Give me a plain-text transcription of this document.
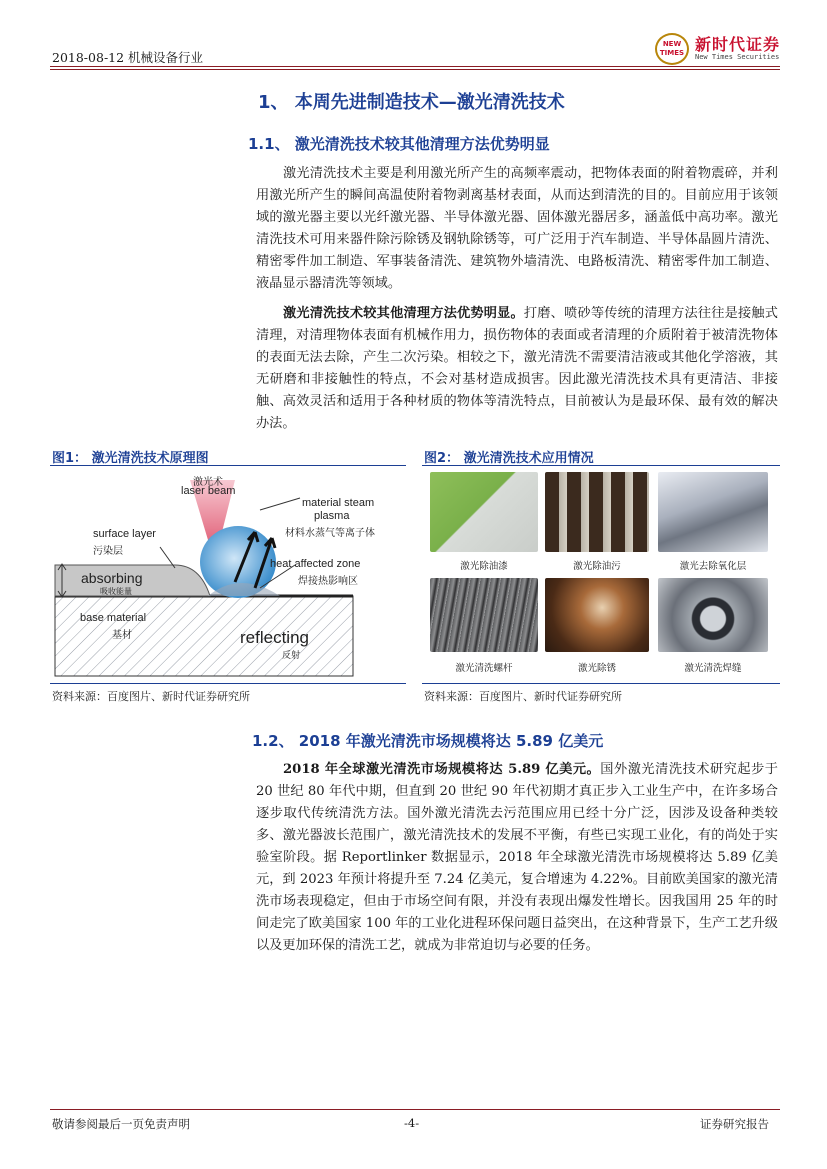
2018-08-12 机械设备行业
NEW TIMES 新时代证券
New Times Securities
1、 本周先进制造技术—激光清洗技术
1.1、 激光清洗技术较其他清理方法优势明显
激光清洗技术主要是利用激光所产生的高频率震动，把物体表面的附着物震碎，并利用激光所产生的瞬间高温使附着物剥离基材表面，从而达到清洗的目的。目前应用于该领域的激光器主要以光纤激光器、半导体激光器、固体激光器居多，涵盖低中高功率。激光清洗技术可用来器件除污除锈及钢轨除锈等，可广泛用于汽车制造、半导体晶圆片清洗、精密零件加工制造、军事装备清洗、建筑物外墙清洗、电路板清洗、精密零件加工制造、液晶显示器清洗等领域。
激光清洗技术较其他清理方法优势明显。打磨、喷砂等传统的清理方法往往是接触式清理，对清理物体表面有机械作用力，损伤物体的表面或者清理的介质附着于被清洗物体的表面无法去除，产生二次污染。相较之下，激光清洗不需要清洁液或其他化学溶液，其无研磨和非接触性的特点，不会对基材造成损害。因此激光清洗技术具有更清洁、非接触、高效灵活和适用于各种材质的物体等清洗特点，目前被认为是最环保、最有效的解决办法。
图1： 激光清洗技术原理图
激光术
laser beam
material steam
plasma
材料水蒸气等离子体
surface layer
污染层
absorbing
吸收能量
heat affected zone
焊接热影响区
base material
基材	reflecting
反射
资料来源：百度图片、新时代证券研究所
图2： 激光清洗技术应用情况
激光除油漆	激光除油污	激光去除氧化层
激光清洗螺杆	激光除锈	激光清洗焊缝
资料来源：百度图片、新时代证券研究所
1.2、 2018 年激光清洗市场规模将达 5.89 亿美元
2018 年全球激光清洗市场规模将达 5.89 亿美元。国外激光清洗技术研究起步于 20 世纪 80 年代中期，但直到 20 世纪 90 年代初期才真正步入工业生产中，在许多场合逐步取代传统清洗方法。国外激光清洗去污范围应用已经十分广泛，因涉及设备种类较多、激光器波长范围广，激光清洗技术的发展不平衡，有些已实现工业化，有的尚处于实验室阶段。据 Reportlinker 数据显示，2018 年全球激光清洗市场规模将达 5.89 亿美元，到 2023 年预计将提升至 7.24 亿美元，复合增速为 4.22%。目前欧美国家的激光清洗市场表现稳定，但由于市场空间有限，并没有表现出爆发性增长。因我国用 25 年的时间走完了欧美国家 100 年的工业化进程环保问题日益突出，在这种背景下，生产工艺升级以及更加环保的清洗工艺，就成为非常迫切与必要的任务。
敬请参阅最后一页免责声明	-4-	证券研究报告
